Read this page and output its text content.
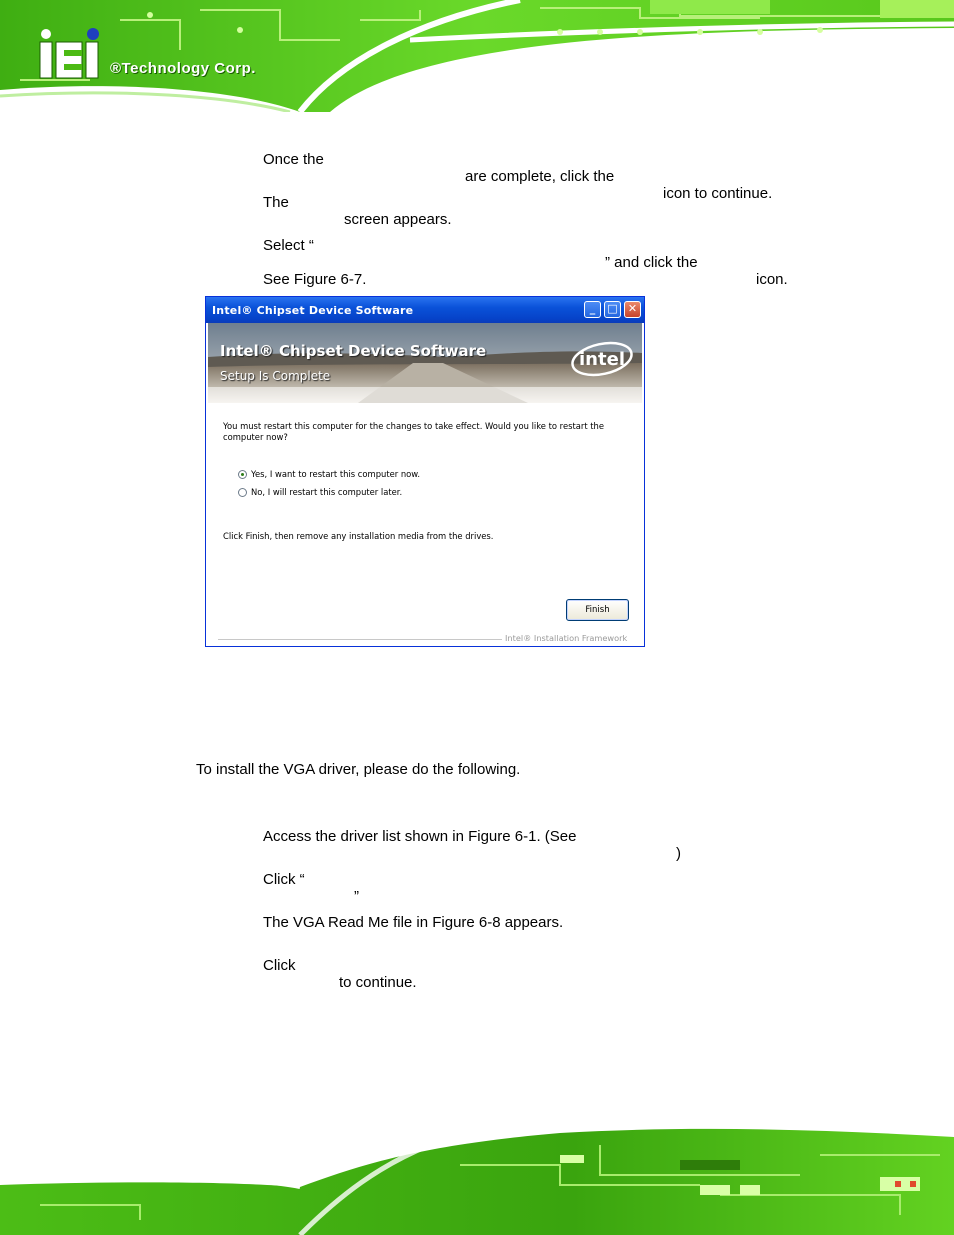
®Technology Corp.

Once the

are complete, click the

icon to continue.

The

screen appears.

Select “

” and click the

icon.

See Figure 6-7.

Intel® Chipset Device Software	_	□ ✕
Intel® Chipset Device Software
Setup Is Complete
intel
You must restart this computer for the changes to take effect. Would you like to restart the
computer now?
Yes, I want to restart this computer now.
No, I will restart this computer later.
Click Finish, then remove any installation media from the drives.
Finish
Intel® Installation Framework
To install the VGA driver, please do the following.

Access the driver list shown in Figure 6-1. (See

)

Click “

”

The VGA Read Me file in Figure 6-8 appears.

Click

to continue.
